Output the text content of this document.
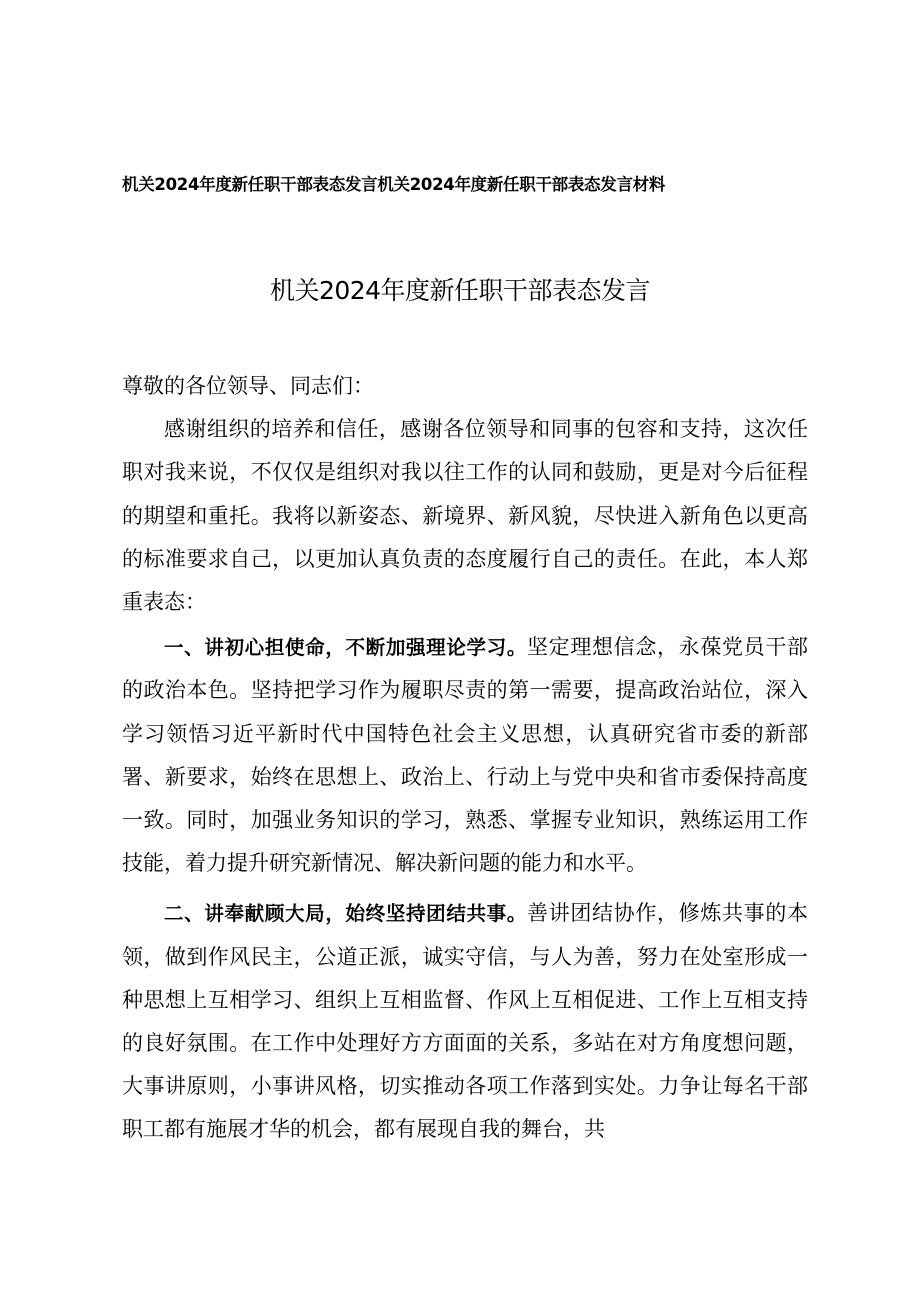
机关2024年度新任职干部表态发言机关2024年度新任职干部表态发言材料
机关2024年度新任职干部表态发言

尊敬的各位领导、同志们：

感谢组织的培养和信任，感谢各位领导和同事的包容和支持，这次任职对我来说，不仅仅是组织对我以往工作的认同和鼓励，更是对今后征程的期望和重托。我将以新姿态、新境界、新风貌，尽快进入新角色以更高的标准要求自己，以更加认真负责的态度履行自己的责任。在此，本人郑重表态：

一、讲初心担使命，不断加强理论学习。坚定理想信念，永葆党员干部的政治本色。坚持把学习作为履职尽责的第一需要，提高政治站位，深入学习领悟习近平新时代中国特色社会主义思想，认真研究省市委的新部署、新要求，始终在思想上、政治上、行动上与党中央和省市委保持高度一致。同时，加强业务知识的学习，熟悉、掌握专业知识，熟练运用工作技能，着力提升研究新情况、解决新问题的能力和水平。

二、讲奉献顾大局，始终坚持团结共事。善讲团结协作，修炼共事的本领，做到作风民主，公道正派，诚实守信，与人为善，努力在处室形成一种思想上互相学习、组织上互相监督、作风上互相促进、工作上互相支持的良好氛围。在工作中处理好方方面面的关系，多站在对方角度想问题，大事讲原则，小事讲风格，切实推动各项工作落到实处。力争让每名干部职工都有施展才华的机会，都有展现自我的舞台，共
